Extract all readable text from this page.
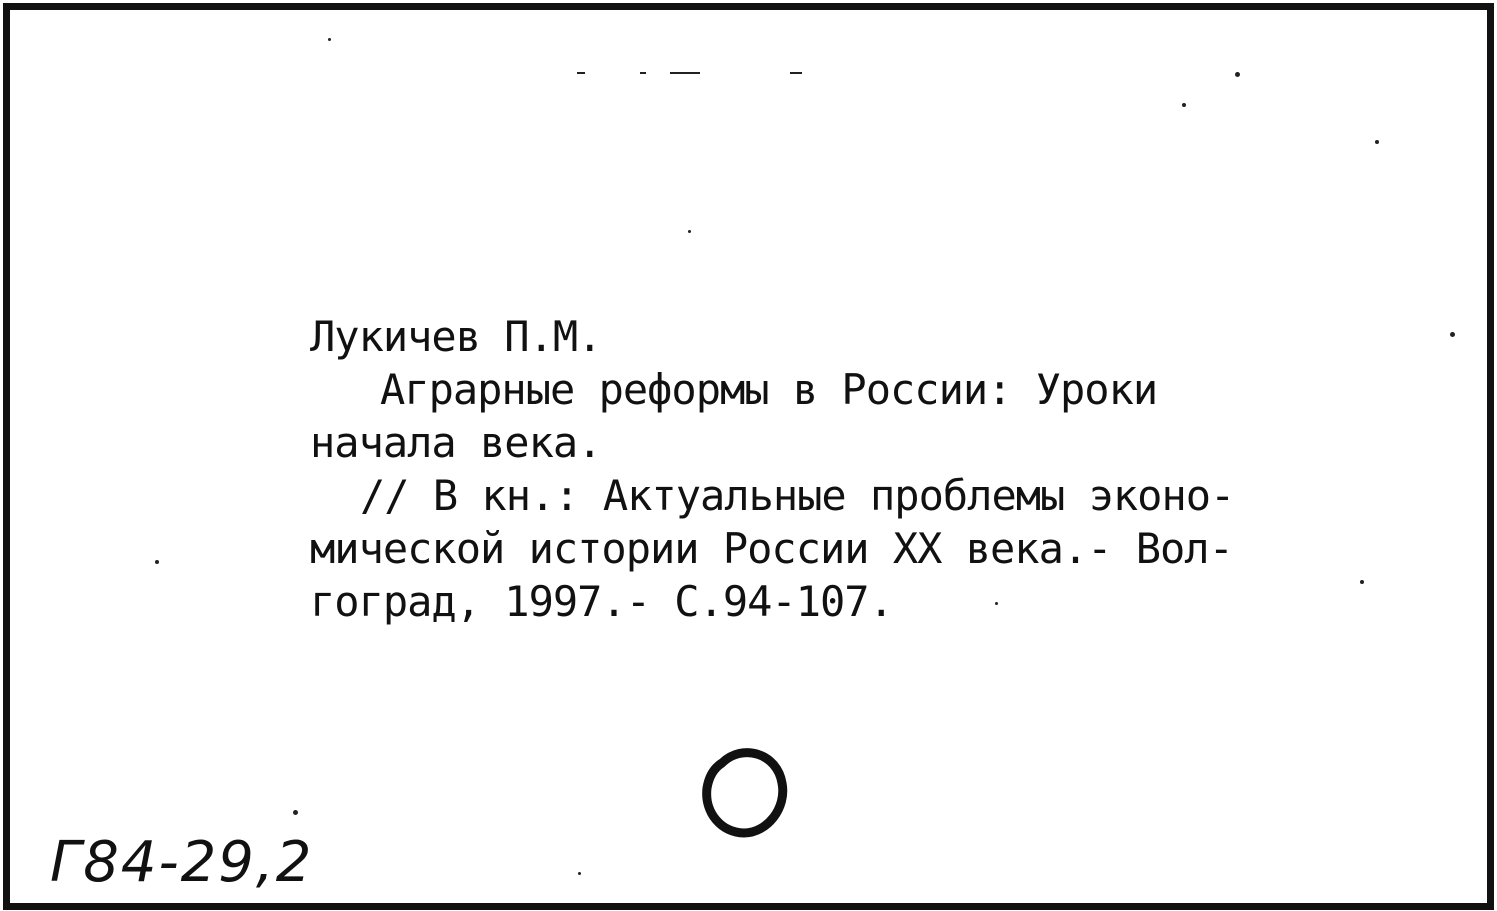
Лукичев П.М.
Аграрные реформы в России: Уроки
начала века.
// В кн.: Актуальные проблемы эконо-
мической истории России XX века.- Вол-
гоград, 1997.- С.94-107.
Г84-29,2
